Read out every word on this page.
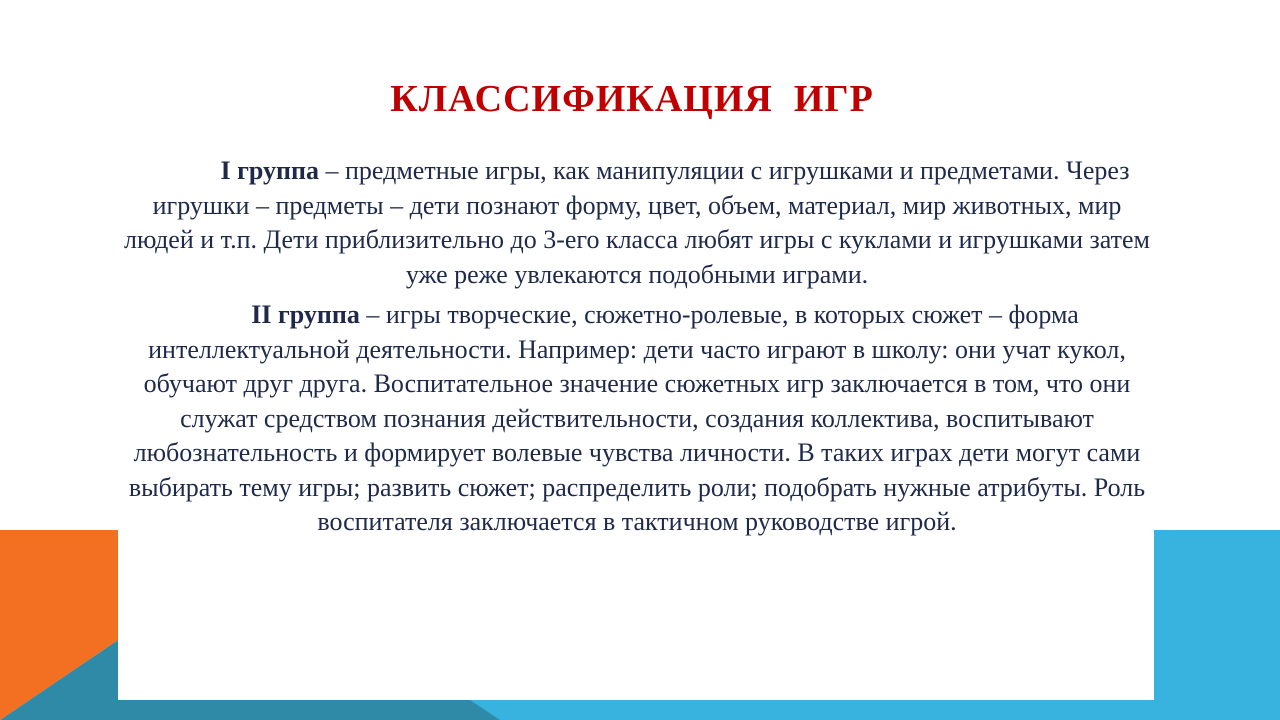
КЛАССИФИКАЦИЯ  ИГР

I группа – предметные игры, как манипуляции с игрушками и предметами. Через игрушки – предметы – дети познают форму, цвет, объем, материал, мир животных, мир людей и т.п. Дети приблизительно до 3-его класса любят игры с куклами и игрушками затем уже реже увлекаются подобными играми.

II группа – игры творческие, сюжетно-ролевые, в которых сюжет – форма интеллектуальной деятельности. Например: дети часто играют в школу: они учат кукол, обучают друг друга. Воспитательное значение сюжетных игр заключается в том, что они служат средством познания действительности, создания коллектива, воспитывают любознательность и формирует волевые чувства личности. В таких играх дети могут сами выбирать тему игры; развить сюжет; распределить роли; подобрать нужные атрибуты. Роль воспитателя заключается в тактичном руководстве игрой.
